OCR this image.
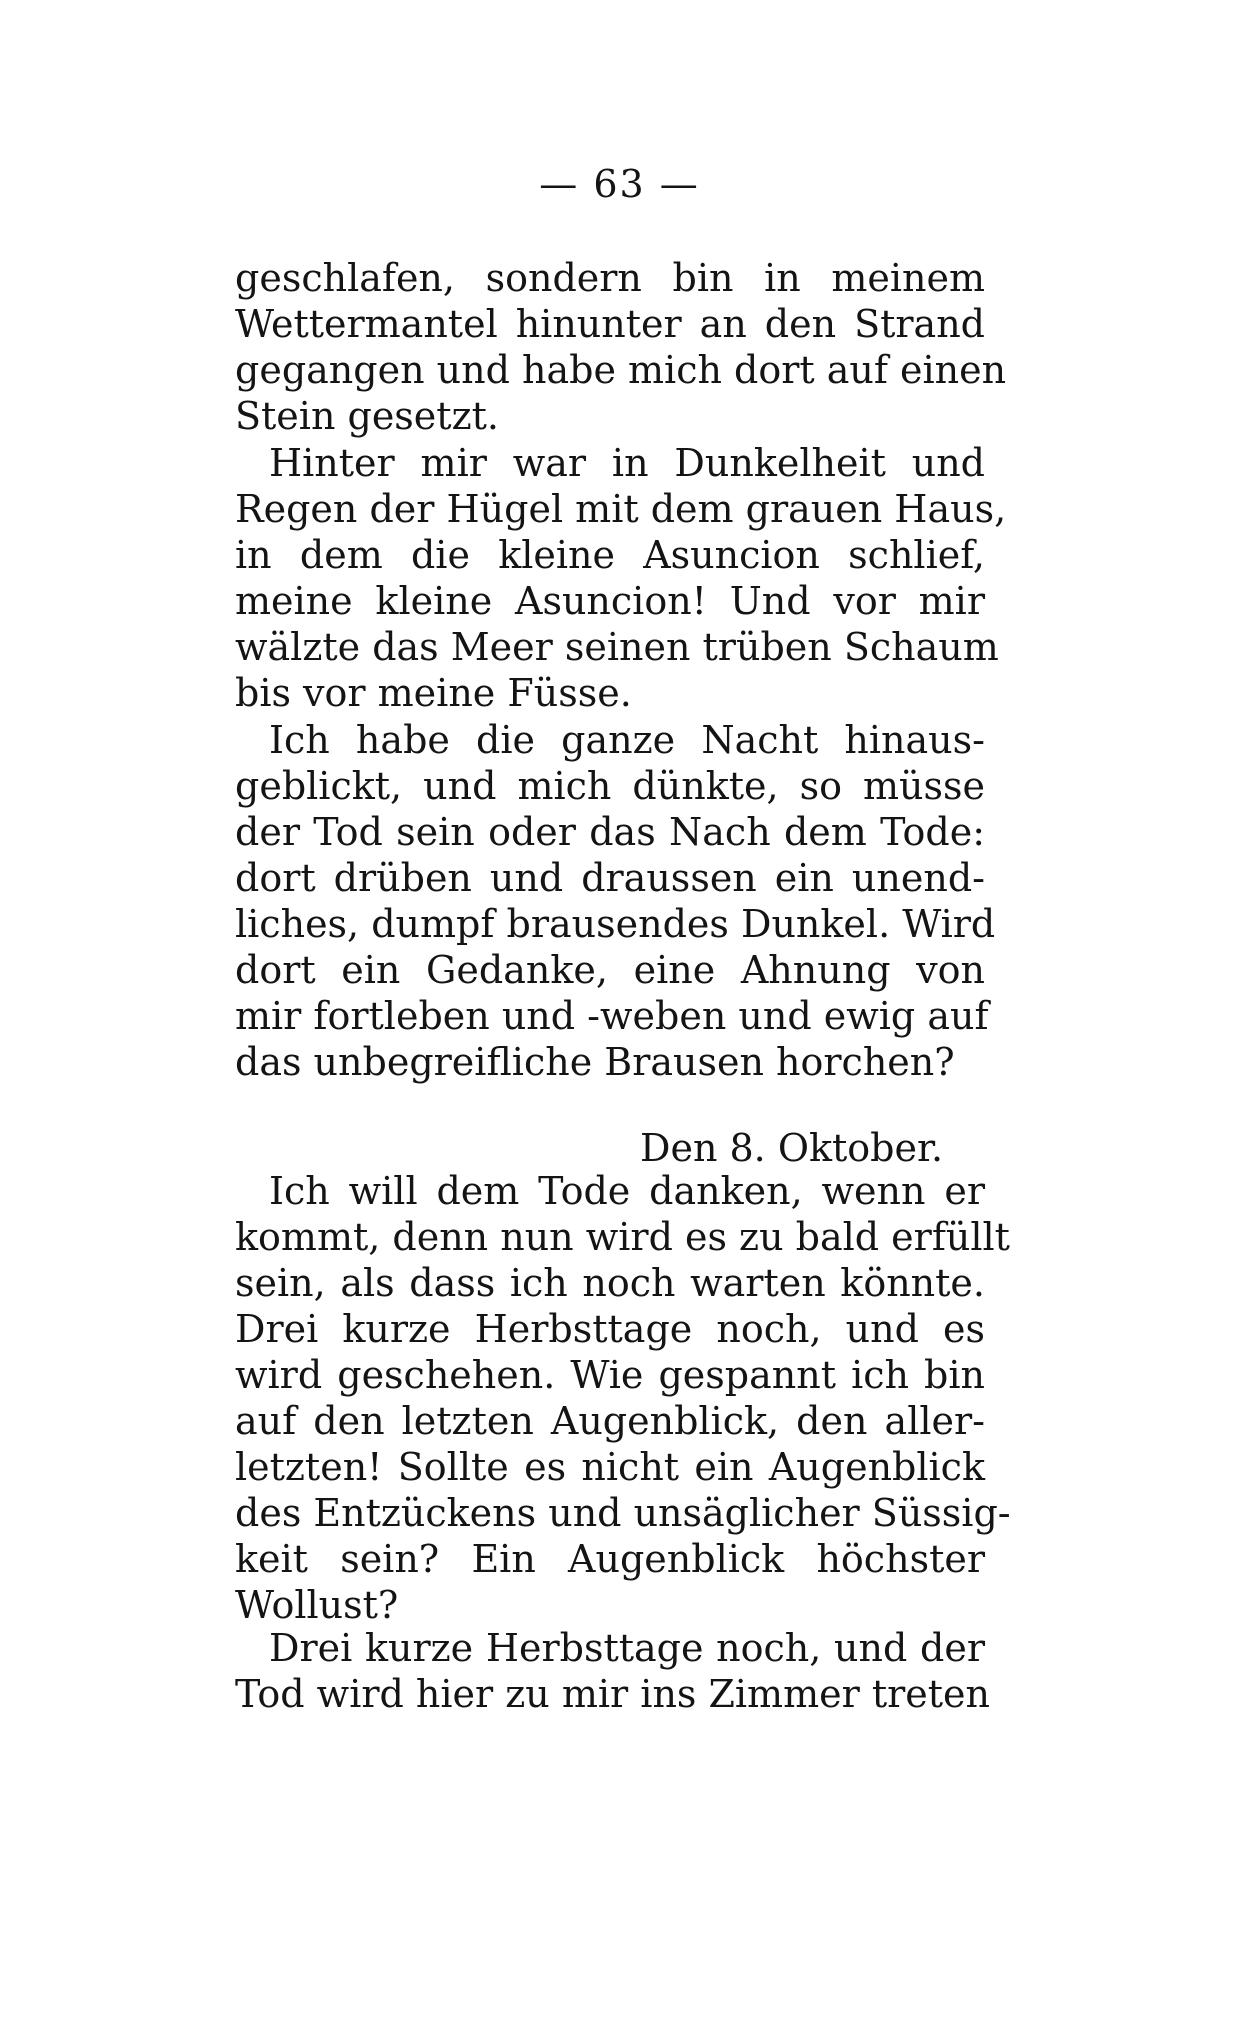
— 63 —
geschlafen, sondern bin in meinem
Wettermantel hinunter an den Strand
gegangen und habe mich dort auf einen
Stein gesetzt.
Hinter mir war in Dunkelheit und
Regen der Hügel mit dem grauen Haus,
in dem die kleine Asuncion schlief,
meine kleine Asuncion! Und vor mir
wälzte das Meer seinen trüben Schaum
bis vor meine Füsse.
Ich habe die ganze Nacht hinaus-
geblickt, und mich dünkte, so müsse
der Tod sein oder das Nach dem Tode:
dort drüben und draussen ein unend-
liches, dumpf brausendes Dunkel. Wird
dort ein Gedanke, eine Ahnung von
mir fortleben und -weben und ewig auf
das unbegreifliche Brausen horchen?
Den 8. Oktober.
Ich will dem Tode danken, wenn er
kommt, denn nun wird es zu bald erfüllt
sein, als dass ich noch warten könnte.
Drei kurze Herbsttage noch, und es
wird geschehen. Wie gespannt ich bin
auf den letzten Augenblick, den aller-
letzten! Sollte es nicht ein Augenblick
des Entzückens und unsäglicher Süssig-
keit sein? Ein Augenblick höchster
Wollust?
Drei kurze Herbsttage noch, und der
Tod wird hier zu mir ins Zimmer treten
